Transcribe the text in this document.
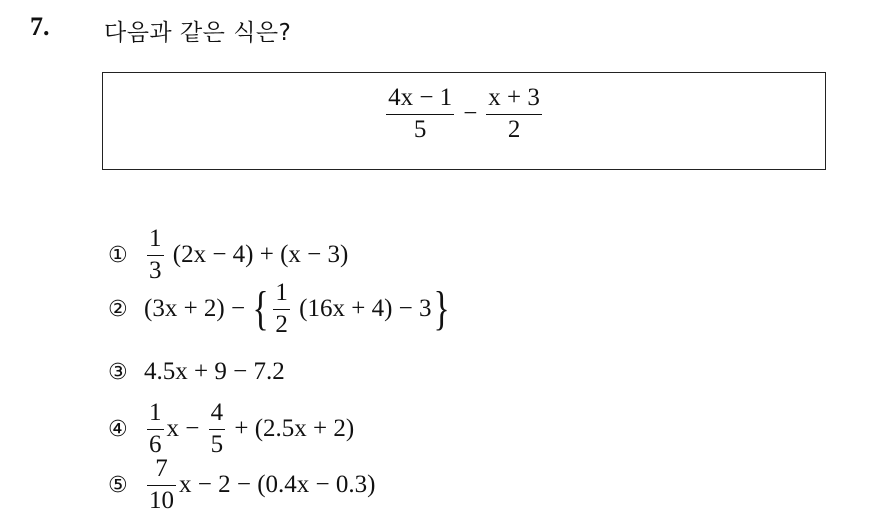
7. 다음과 같은 식은?
$\frac{4x - 1}{5} - \frac{x + 3}{2}$
① $\frac{1}{3} (2x - 4) + (x - 3)$
② (3x + 2) − { $\frac{1}{2} (16x + 4) - 3$ }
③ 4.5x + 9 − 7.2
④ $\frac{1}{6}$ $x - \frac{4}{5} + (2.5x + 2)$
⑤ $\frac{7}{10}$ x − 2 − (0.4x − 0.3)
